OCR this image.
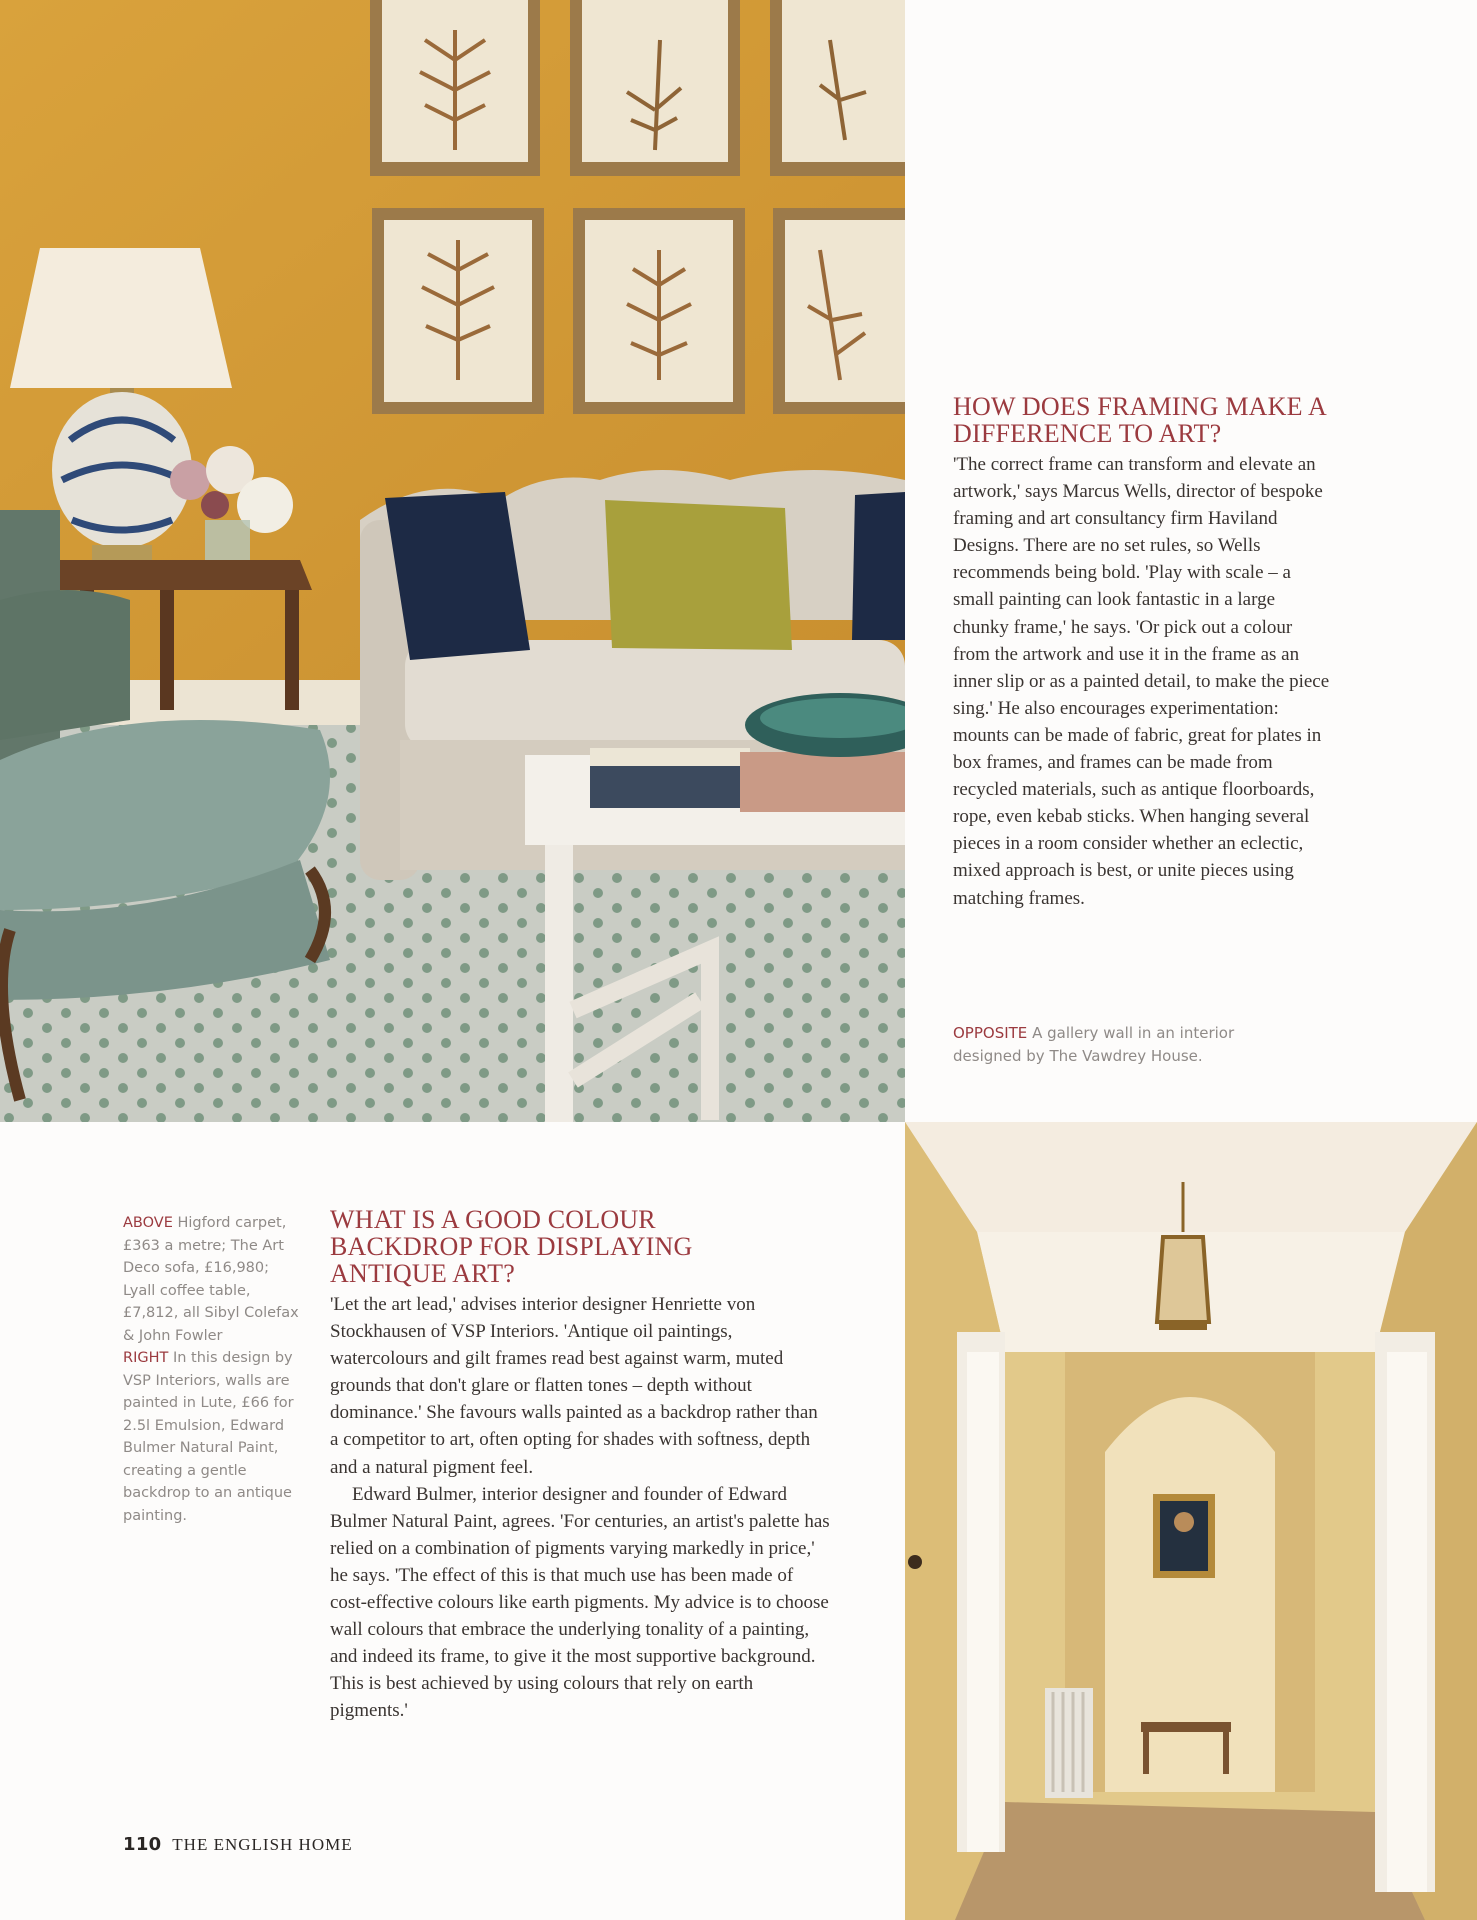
HOW DOES FRAMING MAKE A DIFFERENCE TO ART?

'The correct frame can transform and elevate an artwork,' says Marcus Wells, director of bespoke framing and art consultancy firm Haviland Designs. There are no set rules, so Wells recommends being bold. 'Play with scale – a small painting can look fantastic in a large chunky frame,' he says. 'Or pick out a colour from the artwork and use it in the frame as an inner slip or as a painted detail, to make the piece sing.' He also encourages experimentation: mounts can be made of fabric, great for plates in box frames, and frames can be made from recycled materials, such as antique floorboards, rope, even kebab sticks. When hanging several pieces in a room consider whether an eclectic, mixed approach is best, or unite pieces using matching frames.

OPPOSITE A gallery wall in an interior designed by The Vawdrey House.

ABOVE Higford carpet, £363 a metre; The Art Deco sofa, £16,980; Lyall coffee table, £7,812, all Sibyl Colefax & John Fowler
RIGHT In this design by VSP Interiors, walls are painted in Lute, £66 for 2.5l Emulsion, Edward Bulmer Natural Paint, creating a gentle backdrop to an antique painting.
WHAT IS A GOOD COLOUR BACKDROP FOR DISPLAYING ANTIQUE ART?

'Let the art lead,' advises interior designer Henriette von Stockhausen of VSP Interiors. 'Antique oil paintings, watercolours and gilt frames read best against warm, muted grounds that don't glare or flatten tones – depth without dominance.' She favours walls painted as a backdrop rather than a competitor to art, often opting for shades with softness, depth and a natural pigment feel.

Edward Bulmer, interior designer and founder of Edward Bulmer Natural Paint, agrees. 'For centuries, an artist's palette has relied on a combination of pigments varying markedly in price,' he says. 'The effect of this is that much use has been made of cost-effective colours like earth pigments. My advice is to choose wall colours that embrace the underlying tonality of a painting, and indeed its frame, to give it the most supportive background. This is best achieved by using colours that rely on earth pigments.'

110 THE ENGLISH HOME
